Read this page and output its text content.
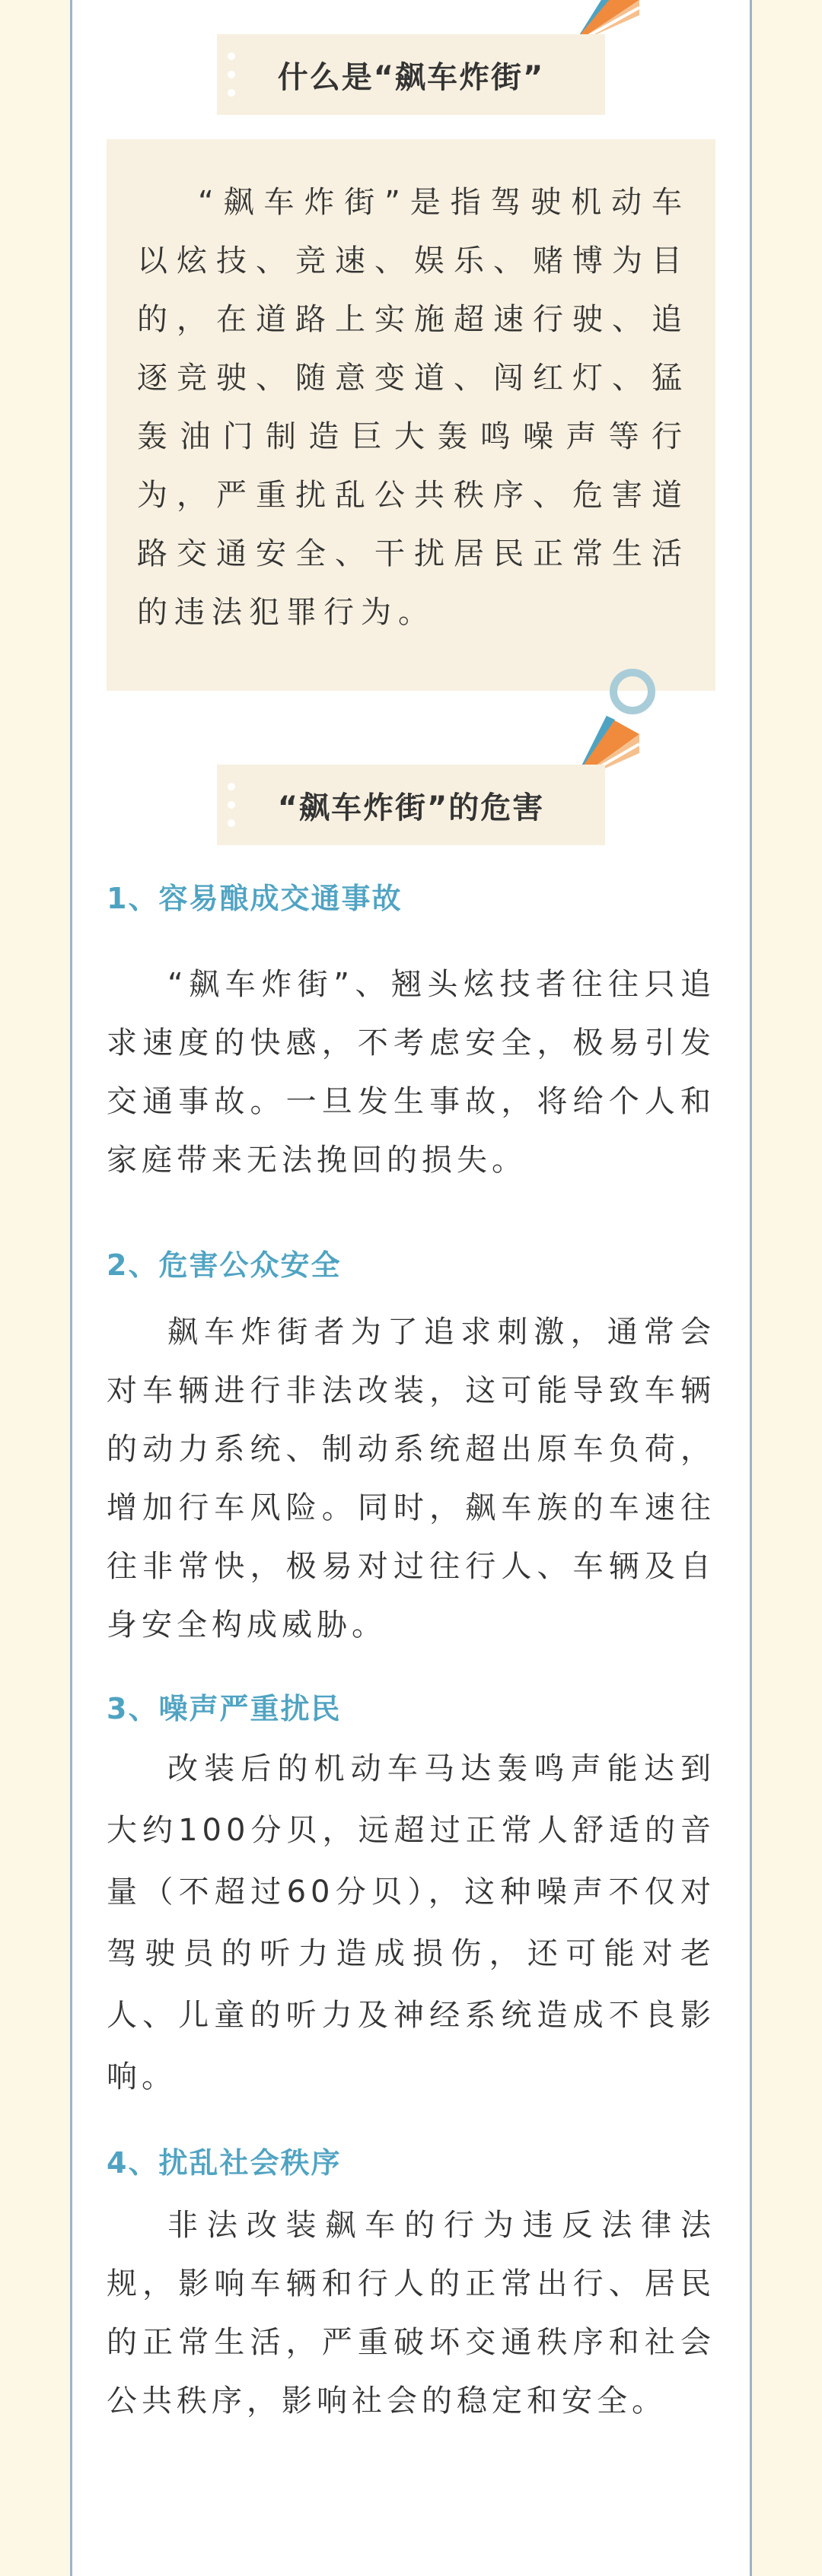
什么是“飙车炸街”

“飙车炸街”是指驾驶机动车以炫技、竞速、娱乐、赌博为目的，在道路上实施超速行驶、追逐竞驶、随意变道、闯红灯、猛轰油门制造巨大轰鸣噪声等行为，严重扰乱公共秩序、危害道路交通安全、干扰居民正常生活的违法犯罪行为。

“飙车炸街”的危害
1、容易酿成交通事故

“飙车炸街”、翘头炫技者往往只追求速度的快感，不考虑安全，极易引发交通事故。一旦发生事故，将给个人和家庭带来无法挽回的损失。

2、危害公众安全

飙车炸街者为了追求刺激，通常会对车辆进行非法改装，这可能导致车辆的动力系统、制动系统超出原车负荷，增加行车风险。同时，飙车族的车速往往非常快，极易对过往行人、车辆及自身安全构成威胁。

3、噪声严重扰民

改装后的机动车马达轰鸣声能达到大约100分贝，远超过正常人舒适的音量（不超过60分贝），这种噪声不仅对驾驶员的听力造成损伤，还可能对老人、儿童的听力及神经系统造成不良影响。

4、扰乱社会秩序

非法改装飙车的行为违反法律法规，影响车辆和行人的正常出行、居民的正常生活，严重破坏交通秩序和社会公共秩序，影响社会的稳定和安全。
